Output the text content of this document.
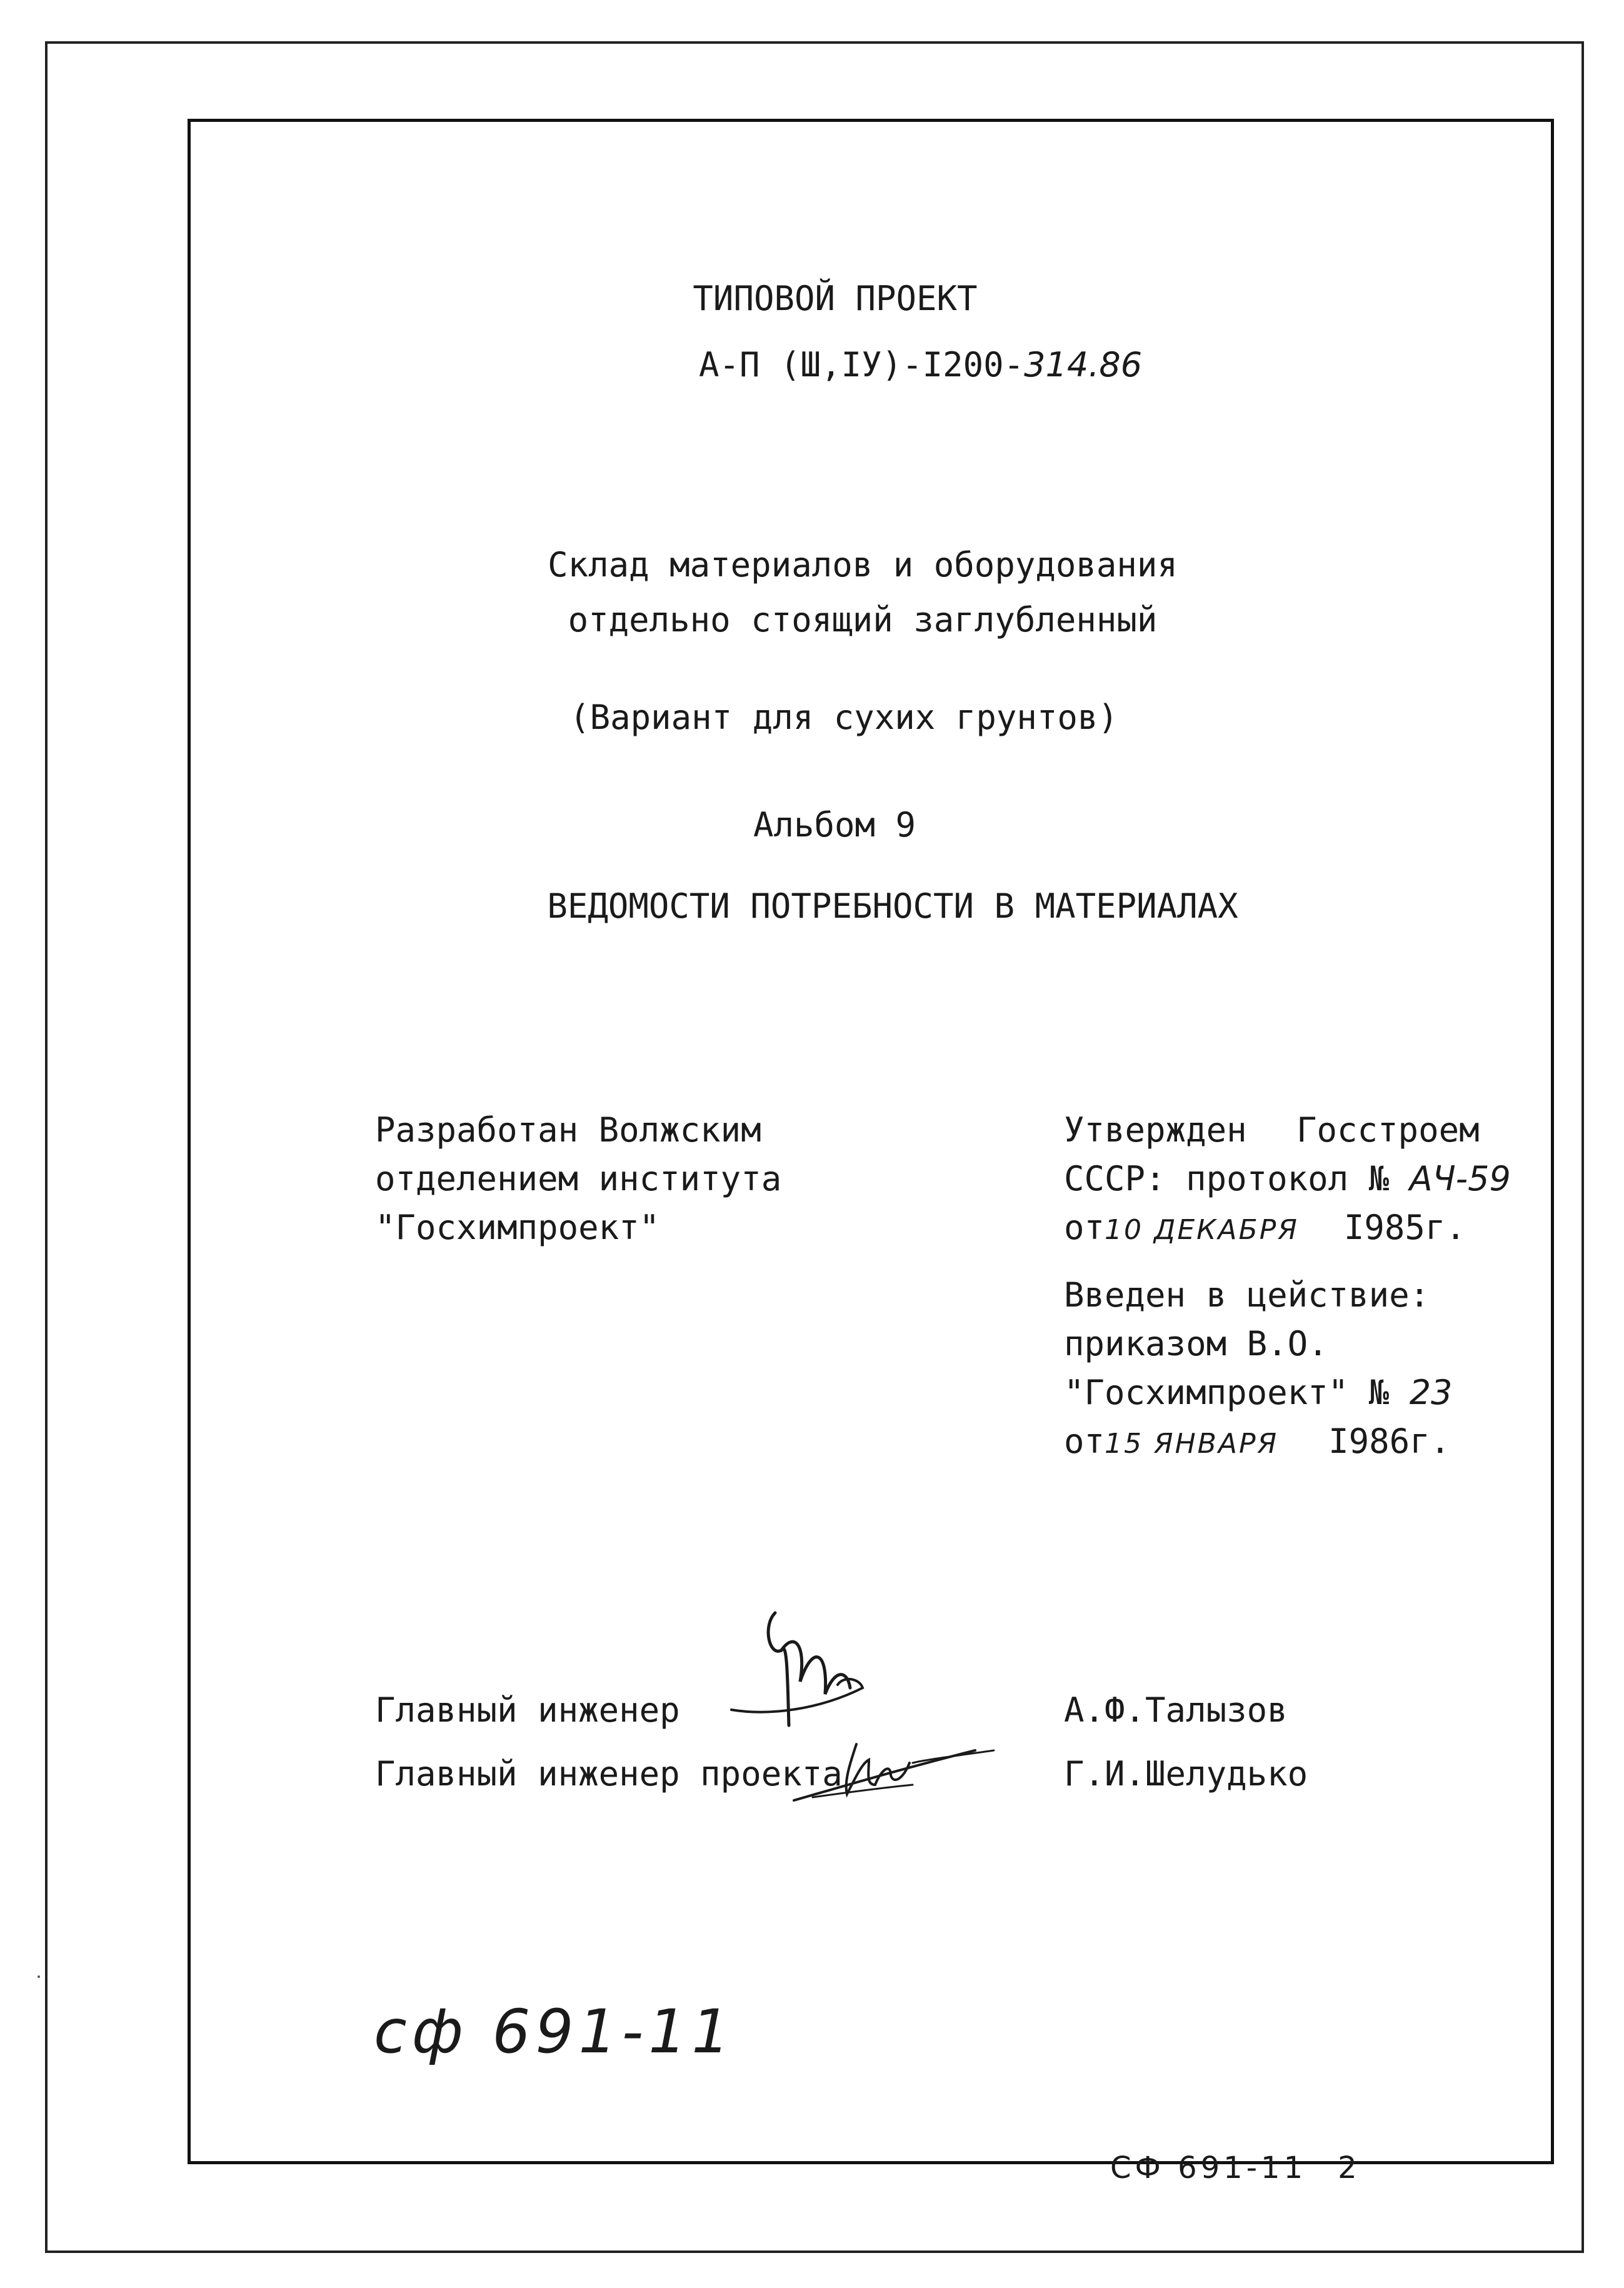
ТИПОВОЙ ПРОЕКТ
А-П (Ш,IУ)-I200-314.86
Склад материалов и оборудования
отдельно стоящий заглубленный
(Вариант для сухих грунтов)
Альбом 9
ВЕДОМОСТИ ПОТРЕБНОСТИ В МАТЕРИАЛАХ
Разработан Волжским
отделением института
"Госхимпроект"
Утвержден Госстроем
СССР: протокол № АЧ-59
от10 ДЕКАБРЯ I985г.
Введен в цействие:
приказом В.О.
"Госхимпроект" № 23
от15 ЯНВАРЯ I986г.
Главный инженер	А.Ф.Талызов
Главный инженер проекта	Г.И.Шелудько
сф 691-11
СФ 691-11 2
